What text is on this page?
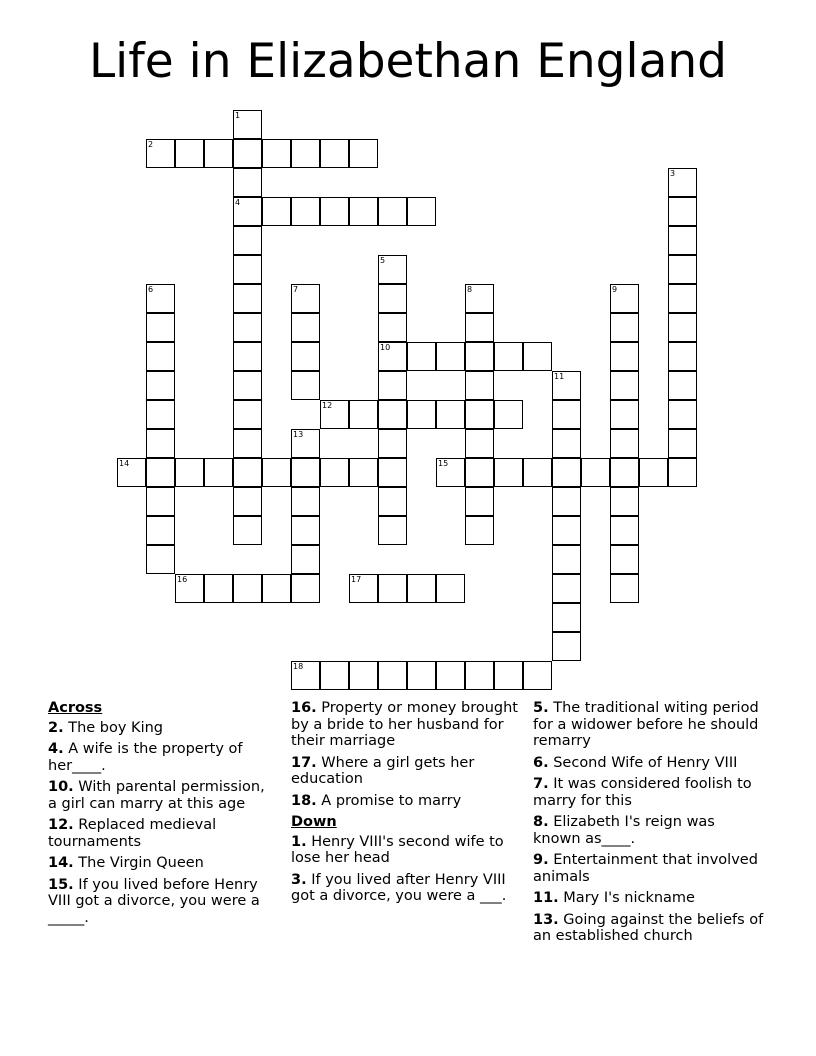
Life in Elizabethan England
1
4
2
3
5
10
6	7	8	9
11
12
13
14	15
16	17
18
Across
2. The boy King
4. A wife is the property of her____.
10. With parental permission, a girl can marry at this age
12. Replaced medieval tournaments
14. The Virgin Queen
15. If you lived before Henry VIII got a divorce, you were a _____.
16. Property or money brought by a bride to her husband for their marriage
17. Where a girl gets her education
18. A promise to marry
Down
1. Henry VIII's second wife to lose her head
3. If you lived after Henry VIII got a divorce, you were a ___.
5. The traditional witing period for a widower before he should remarry
6. Second Wife of Henry VIII
7. It was considered foolish to marry for this
8. Elizabeth I's reign was known as____.
9. Entertainment that involved animals
11. Mary I's nickname
13. Going against the beliefs of an established church
